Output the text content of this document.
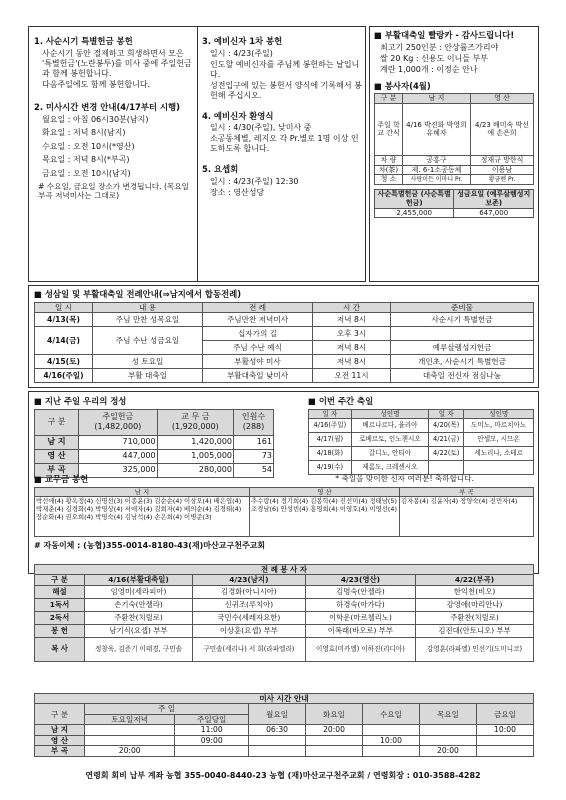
1. 사순시기 특별헌금 봉헌
사순시기 동안 절제하고 희생하면서 모은 '특별헌금'(노란봉투)를 미사 중에 주일헌금과 함께 봉헌합니다.
다음주일에도 함께 봉헌합니다.
2. 미사시간 변경 안내(4/17부터 시행)
월요일 : 아침 06시30분(남지)
화요일 : 저녁 8시(남지)
수요일 : 오전 10시(*영산)
목요일 : 저녁 8시(*부곡)
금요일 : 오전 10시(남지)
# 수요일, 금요일 장소가 변경됩니다. (목요일 부곡 저녁미사는 그대로)
3. 예비신자 1차 봉헌
일시 : 4/23(주일)
인도할 예비신자를 주님께 봉헌하는 날입니다.
성전입구에 있는 봉헌서 양식에 기록해서 봉헌해 주십시오.
4. 예비신자 환영식
일시 : 4/30(주일), 낮미사 중
소공동체별, 레지오 각 Pr.별로 1명 이상 인도하도록 합니다.
5. 요셉회
일시 : 4/23(주일) 12:30
장소 : 영산성당
■ 부활대축일 빨랑카 - 감사드립니다!
최고기 250인분 : 안상률즈가리야
쌀 20 Kg : 신용도 이니들 부부
계란 1,000개 : 이정순 안나
■ 봉사자(4월)
구 분	남 지	영 산
주일 학교 간식	4/16 박진화 박영희 유혜자	4/23 배미숙 박선애 손은희
차 량	공홍구	정재규 방한식
차(茶)	제. 6-1소공동체	이용남
청 소	사랑이든 이마니 Pr.	황금펜 Pr.
사순특별헌금 (사순특별헌금)	성금요일 (예루살렘성지 보존)
2,455,000	647,000
■ 성삼일 및 부활대축일 전례안내(⇒남지에서 합동전례)
일 시	내 용	전 례	시 간	준비물
4/13(목)	주님 만찬 성목요일	주님만찬 저녁미사	저녁 8시	사순시기 특별헌금
4/14(금)	주님 수난 성금요일	십자가의 길	오후 3시	
		주님 수난 예식	저녁 8시	예루살렘성지헌금
4/15(토)	성 토요일	부활성야 미사	저녁 8시	개인초, 사순시기 특별헌금
4/16(주일)	부활 대축일	부활대축일 낮미사	오전 11시	대축일 전신자 점심나눔
■ 지난 주일 우리의 정성
구 분	주일헌금 (1,482,000)	교 무 금 (1,920,000)	인원수 (288)
남 지	710,000	1,420,000	161
영 산	447,000	1,005,000	73
부 곡	325,000	280,000	54
■ 이번 주간 축일
일 자	성인명	일 자	성인명
4/16(주일)	베르나르다, 율리아	4/20(목)	도미노, 마르치아노
4/17(월)	로베르토, 인노첸시오	4/21(금)	안셀모, 시므온
4/18(화)	갈디노, 안티아	4/22(토)	세노리나, 소테르
4/19(수)	제롬도, 크레센시오		
■ 교무금 봉헌	* 축일을 맞이한 신자 여러분! 축하합니다.
남 지	영 산	부 곡
박선애(4) 황옥정(4) 신명선(3) 이종윤(3) 김순순(4) 이상오(4) 배은엽(4) 박재춘(4) 김경화(4) 박영상(4) 서애자(4) 김희자(4) 배의순(4) 김경태(4) 장순화(4) 권오희(4) 박영숙(4) 김남석(4) 손은희(4) 이병준(3)	추수랑(4) 정기희(4) 김봉학(4) 진선미(4) 정태남(5) 조경남(6) 안성빈(4) 홍영희(4) 이영호(4) 이영선(4)	김자봉(4) 김윤자(4) 장양숙(4) 전민자(4)
# 자동이체 : (농협)355-0014-8180-43(재)마산교구천주교회
전 례 봉 사 자				
구 분	4/16(부활대축일)	4/23(남지)	4/23(영산)	4/22(부곡)
해설	임영미(세라피아)	김경화(아니시아)	김명숙(안젤라)	한익천(비오)
1독서	손기숙(안젤라)	신귀조(루치아)	하경숙(아가다)	강영애(마리안나)
2독서	주환찬(치릴로)	국민수(세레자요한)	이학운(마르첼리노)	주환찬(치릴로)
봉 헌	남기식(요셉) 부부	이상훈(요셉) 부부	이복래(바오로) 부부	김진대(안토니오) 부부
복 사	정창욱, 김준기 이태경, 구민솔	구민솔(세리나) 서 희(라파엘라)	이영효(미카엘) 이하진(리디아)	강영훈(라파엘) 민선기(도미니코)
미사 시간 안내							
구 분	주 일		월요일	화요일	수요일	목요일	금요일
	토요일저녁	주일당일					
남 지		11:00	06:30	20:00			10:00
영 산		09:00			10:00		
부 곡	20:00					20:00	
연령회 회비 납부 계좌 농협 355-0040-8440-23 농협 (재)마산교구천주교회 / 연령회장 : 010-3588-4282
